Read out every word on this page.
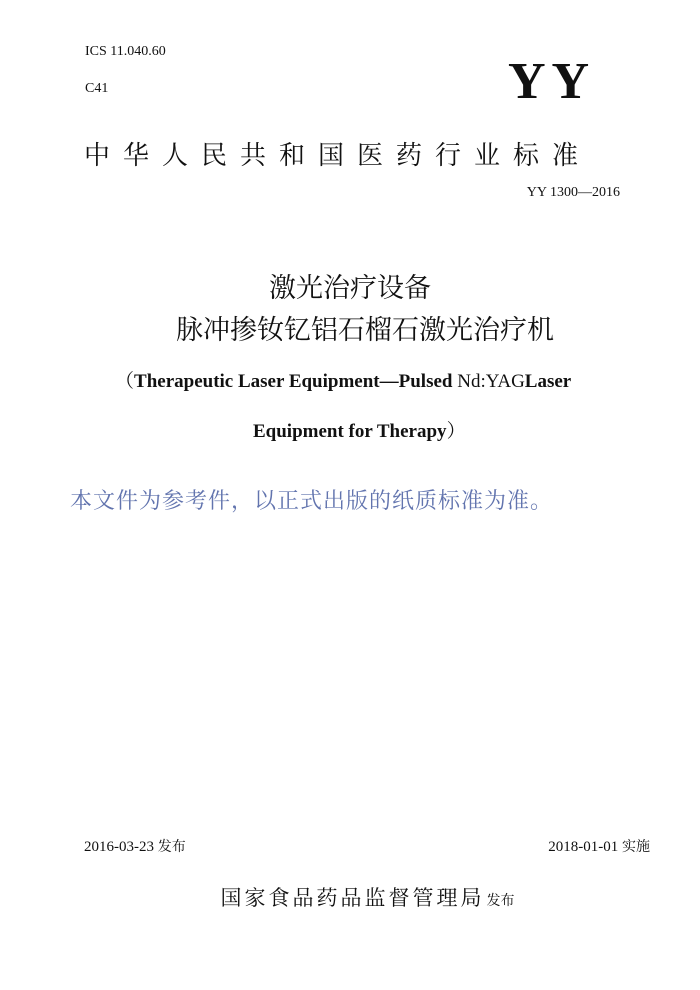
ICS 11.040.60
C41	YY
中华人民共和国医药行业标准
YY 1300—2016
激光治疗设备
脉冲掺钕钇铝石榴石激光治疗机
（Therapeutic Laser Equipment—Pulsed Nd:YAGLaser
Equipment for Therapy）
本文件为参考件，以正式出版的纸质标准为准。
2016-03-23 发布	2018-01-01 实施
国家食品药品监督管理局 发布
